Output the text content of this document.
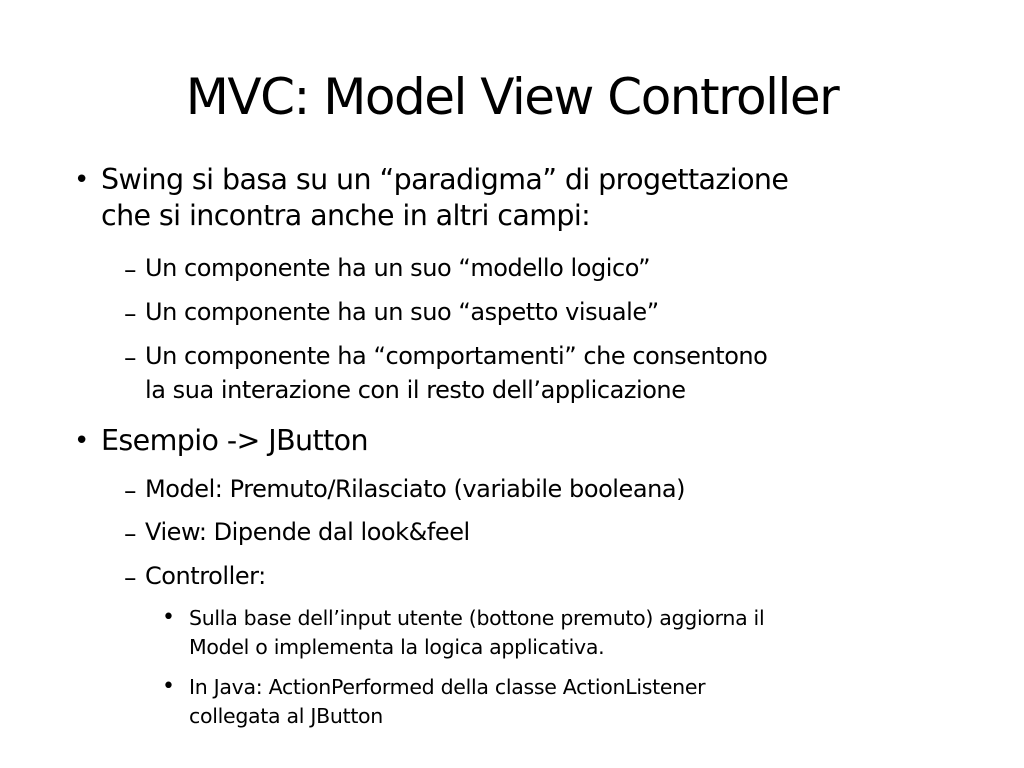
MVC: Model View Controller
• Swing si basa su un “paradigma” di progettazione
che si incontra anche in altri campi:
– Un componente ha un suo “modello logico”
– Un componente ha un suo “aspetto visuale”
– Un componente ha “comportamenti” che consentono
la sua interazione con il resto dell’applicazione
• Esempio -> JButton
– Model: Premuto/Rilasciato (variabile booleana)
– View: Dipende dal look&feel
– Controller:
• Sulla base dell’input utente (bottone premuto) aggiorna il
Model o implementa la logica applicativa.
• In Java: ActionPerformed della classe ActionListener
collegata al JButton
